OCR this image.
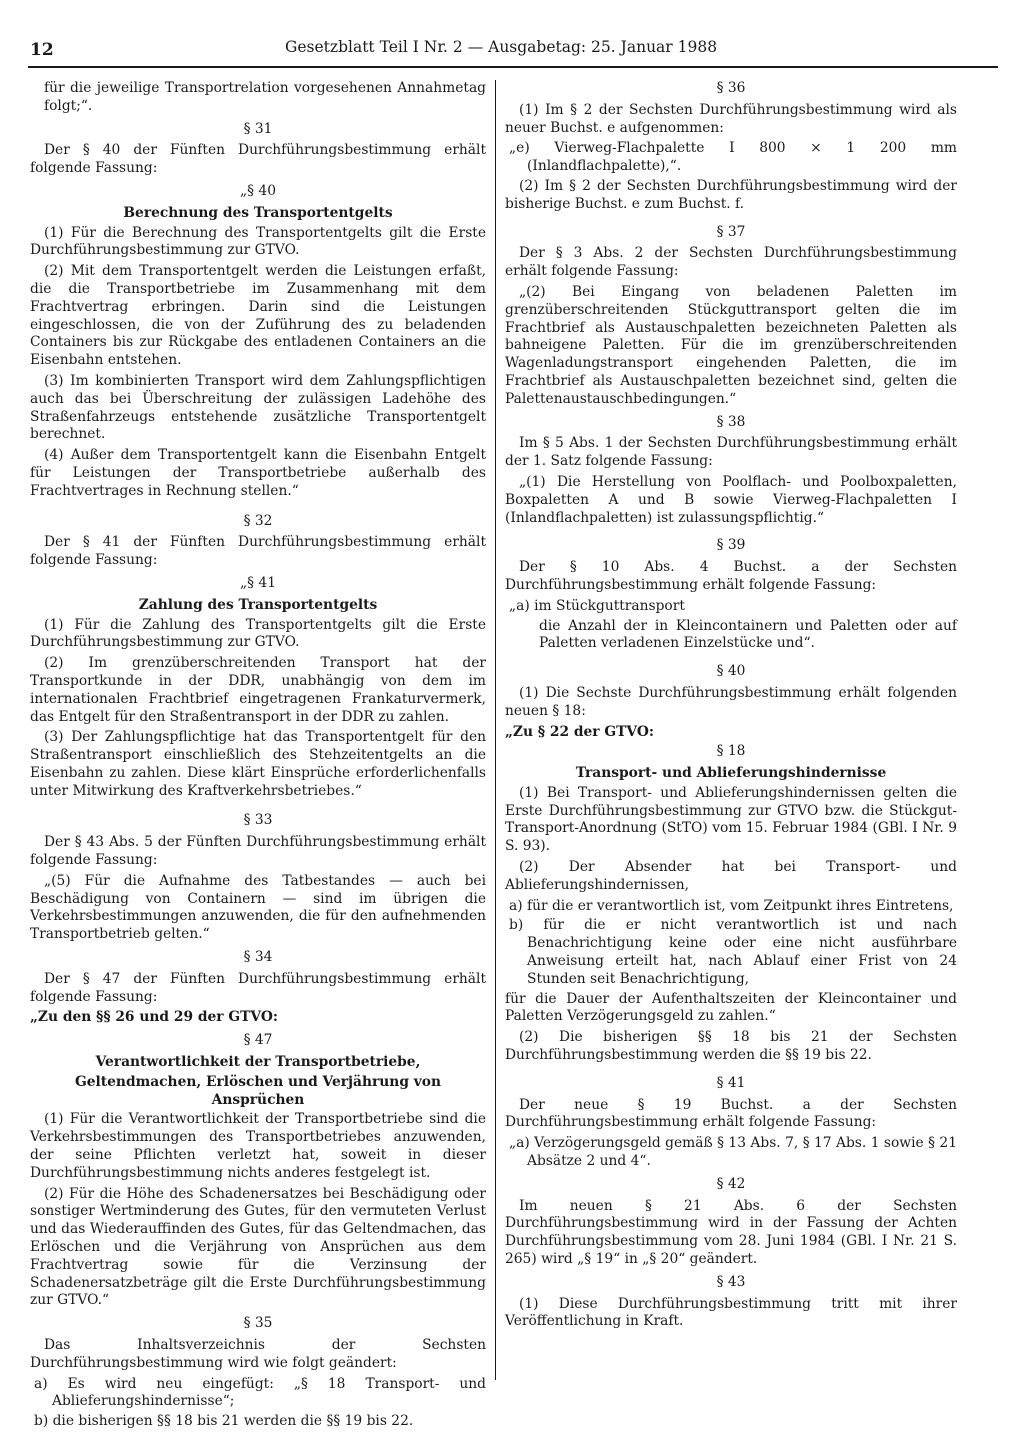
12	Gesetzblatt Teil I Nr. 2 — Ausgabetag: 25. Januar 1988

für die jeweilige Transportrelation vorgesehenen Annahmetag folgt;“.

§ 31

Der § 40 der Fünften Durchführungsbestimmung erhält folgende Fassung:

„§ 40
Berechnung des Transportentgelts

(1) Für die Berechnung des Transportentgelts gilt die Erste Durchführungsbestimmung zur GTVO.

(2) Mit dem Transportentgelt werden die Leistungen erfaßt, die die Transportbetriebe im Zusammenhang mit dem Frachtvertrag erbringen. Darin sind die Leistungen eingeschlossen, die von der Zuführung des zu beladenden Containers bis zur Rückgabe des entladenen Containers an die Eisenbahn entstehen.

(3) Im kombinierten Transport wird dem Zahlungspflichtigen auch das bei Überschreitung der zulässigen Ladehöhe des Straßenfahrzeugs entstehende zusätzliche Transportentgelt berechnet.

(4) Außer dem Transportentgelt kann die Eisenbahn Entgelt für Leistungen der Transportbetriebe außerhalb des Frachtvertrages in Rechnung stellen.“

§ 32

Der § 41 der Fünften Durchführungsbestimmung erhält folgende Fassung:

„§ 41
Zahlung des Transportentgelts

(1) Für die Zahlung des Transportentgelts gilt die Erste Durchführungsbestimmung zur GTVO.

(2) Im grenzüberschreitenden Transport hat der Transportkunde in der DDR, unabhängig von dem im internationalen Frachtbrief eingetragenen Frankaturvermerk, das Entgelt für den Straßentransport in der DDR zu zahlen.

(3) Der Zahlungspflichtige hat das Transportentgelt für den Straßentransport einschließlich des Stehzeitentgelts an die Eisenbahn zu zahlen. Diese klärt Einsprüche erforderlichenfalls unter Mitwirkung des Kraftverkehrsbetriebes.“

§ 33

Der § 43 Abs. 5 der Fünften Durchführungsbestimmung erhält folgende Fassung:

„(5) Für die Aufnahme des Tatbestandes — auch bei Beschädigung von Containern — sind im übrigen die Verkehrsbestimmungen anzuwenden, die für den aufnehmenden Transportbetrieb gelten.“

§ 34

Der § 47 der Fünften Durchführungsbestimmung erhält folgende Fassung:

„Zu den §§ 26 und 29 der GTVO:

§ 47
Verantwortlichkeit der Transportbetriebe,
Geltendmachen, Erlöschen und Verjährung von Ansprüchen

(1) Für die Verantwortlichkeit der Transportbetriebe sind die Verkehrsbestimmungen des Transportbetriebes anzuwenden, der seine Pflichten verletzt hat, soweit in dieser Durchführungsbestimmung nichts anderes festgelegt ist.

(2) Für die Höhe des Schadenersatzes bei Beschädigung oder sonstiger Wertminderung des Gutes, für den vermuteten Verlust und das Wiederauffinden des Gutes, für das Geltendmachen, das Erlöschen und die Verjährung von Ansprüchen aus dem Frachtvertrag sowie für die Verzinsung der Schadenersatzbeträge gilt die Erste Durchführungsbestimmung zur GTVO.“

§ 35

Das Inhaltsverzeichnis der Sechsten Durchführungsbestimmung wird wie folgt geändert:

a) Es wird neu eingefügt: „§ 18 Transport- und Ablieferungshindernisse“;

b) die bisherigen §§ 18 bis 21 werden die §§ 19 bis 22.

§ 36

(1) Im § 2 der Sechsten Durchführungsbestimmung wird als neuer Buchst. e aufgenommen:

„e) Vierweg-Flachpalette I 800 × 1 200 mm (Inlandflachpalette),“.

(2) Im § 2 der Sechsten Durchführungsbestimmung wird der bisherige Buchst. e zum Buchst. f.

§ 37

Der § 3 Abs. 2 der Sechsten Durchführungsbestimmung erhält folgende Fassung:

„(2) Bei Eingang von beladenen Paletten im grenzüberschreitenden Stückguttransport gelten die im Frachtbrief als Austauschpaletten bezeichneten Paletten als bahneigene Paletten. Für die im grenzüberschreitenden Wagenladungstransport eingehenden Paletten, die im Frachtbrief als Austauschpaletten bezeichnet sind, gelten die Palettenaustauschbedingungen.“

§ 38

Im § 5 Abs. 1 der Sechsten Durchführungsbestimmung erhält der 1. Satz folgende Fassung:

„(1) Die Herstellung von Poolflach- und Poolboxpaletten, Boxpaletten A und B sowie Vierweg-Flachpaletten I (Inlandflachpaletten) ist zulassungspflichtig.“

§ 39

Der § 10 Abs. 4 Buchst. a der Sechsten Durchführungsbestimmung erhält folgende Fassung:

„a) im Stückguttransport

die Anzahl der in Kleincontainern und Paletten oder auf Paletten verladenen Einzelstücke und“.

§ 40

(1) Die Sechste Durchführungsbestimmung erhält folgenden neuen § 18:

„Zu § 22 der GTVO:

§ 18
Transport- und Ablieferungshindernisse

(1) Bei Transport- und Ablieferungshindernissen gelten die Erste Durchführungsbestimmung zur GTVO bzw. die Stückgut-Transport-Anordnung (StTO) vom 15. Februar 1984 (GBl. I Nr. 9 S. 93).

(2) Der Absender hat bei Transport- und Ablieferungshindernissen,

a) für die er verantwortlich ist, vom Zeitpunkt ihres Eintretens,

b) für die er nicht verantwortlich ist und nach Benachrichtigung keine oder eine nicht ausführbare Anweisung erteilt hat, nach Ablauf einer Frist von 24 Stunden seit Benachrichtigung,

für die Dauer der Aufenthaltszeiten der Kleincontainer und Paletten Verzögerungsgeld zu zahlen.“

(2) Die bisherigen §§ 18 bis 21 der Sechsten Durchführungsbestimmung werden die §§ 19 bis 22.

§ 41

Der neue § 19 Buchst. a der Sechsten Durchführungsbestimmung erhält folgende Fassung:

„a) Verzögerungsgeld gemäß § 13 Abs. 7, § 17 Abs. 1 sowie § 21 Absätze 2 und 4“.

§ 42

Im neuen § 21 Abs. 6 der Sechsten Durchführungsbestimmung wird in der Fassung der Achten Durchführungsbestimmung vom 28. Juni 1984 (GBl. I Nr. 21 S. 265) wird „§ 19“ in „§ 20“ geändert.

§ 43

(1) Diese Durchführungsbestimmung tritt mit ihrer Veröffentlichung in Kraft.
